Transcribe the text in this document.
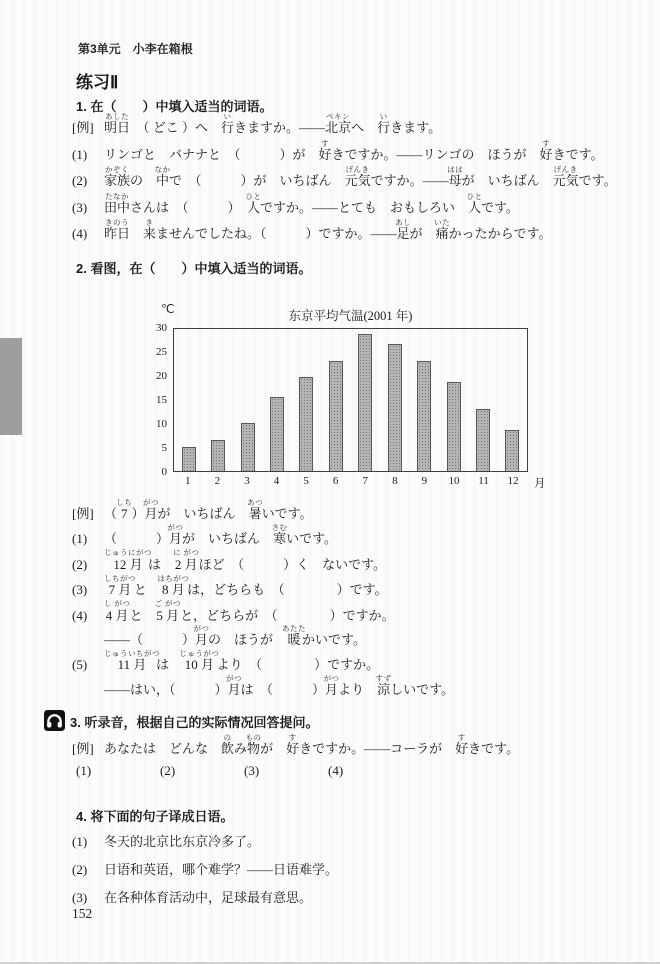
第3单元　小李在箱根
练习Ⅱ
1. 在（　　）中填入适当的词语。
[例] 明日あした　（ どこ ）へ　行いきますか。——北京ペキンへ　行いきます。
(1) リンゴと　バナナと　（　　　）が　好すきですか。——リンゴの　ほうが　好すきです。
(2) 家族かぞくの　中なかで　（　　　）が　いちばん　元気げんきですか。——母ははが　いちばん　元気げんきです。
(3) 田中たなかさんは　（　　　）　人ひとですか。——とても　おもしろい　人ひとです。
(4) 昨日きのう　来きませんでしたね。（　　　）ですか。——足あしが　痛いたかったからです。
2. 看图，在（　　）中填入适当的词语。
0
5
10
15
20
25
30
℃	东京平均气温(2001 年)
1	2	3	4	5	6	7	8	9	10	11	12	月
[例] （ 7しち ）月がつが　いちばん　暑あついです。
(1) （　　　）月がつが　いちばん　寒さむいです。
(2) 12 月じゅうにがつは　2 月に がつほど　（　　　）く　ないです。
(3) 7 月しちがつと　8 月はちがつは，どちらも　（　　　　）です。
(4) 4 月し がつと　5 月ご がつと，どちらが　（　　　　）ですか。
——（　　　）月がつの　ほうが　暖あたたかいです。
(5) 11 月じゅういちがつは　10 月じゅうがつより　（　　　　）ですか。
——はい，（　　　）月がつは　（　　　）月がつより　涼すずしいです。
3. 听录音，根据自己的实际情况回答提问。
[例] あなたは　どんな　飲のみ物ものが　好すきですか。——コーラが　好すきです。
(1)	(2)	(3)	(4)
4. 将下面的句子译成日语。
(1) 冬天的北京比东京冷多了。
(2) 日语和英语，哪个难学？——日语难学。
(3) 在各种体育活动中，足球最有意思。
152
